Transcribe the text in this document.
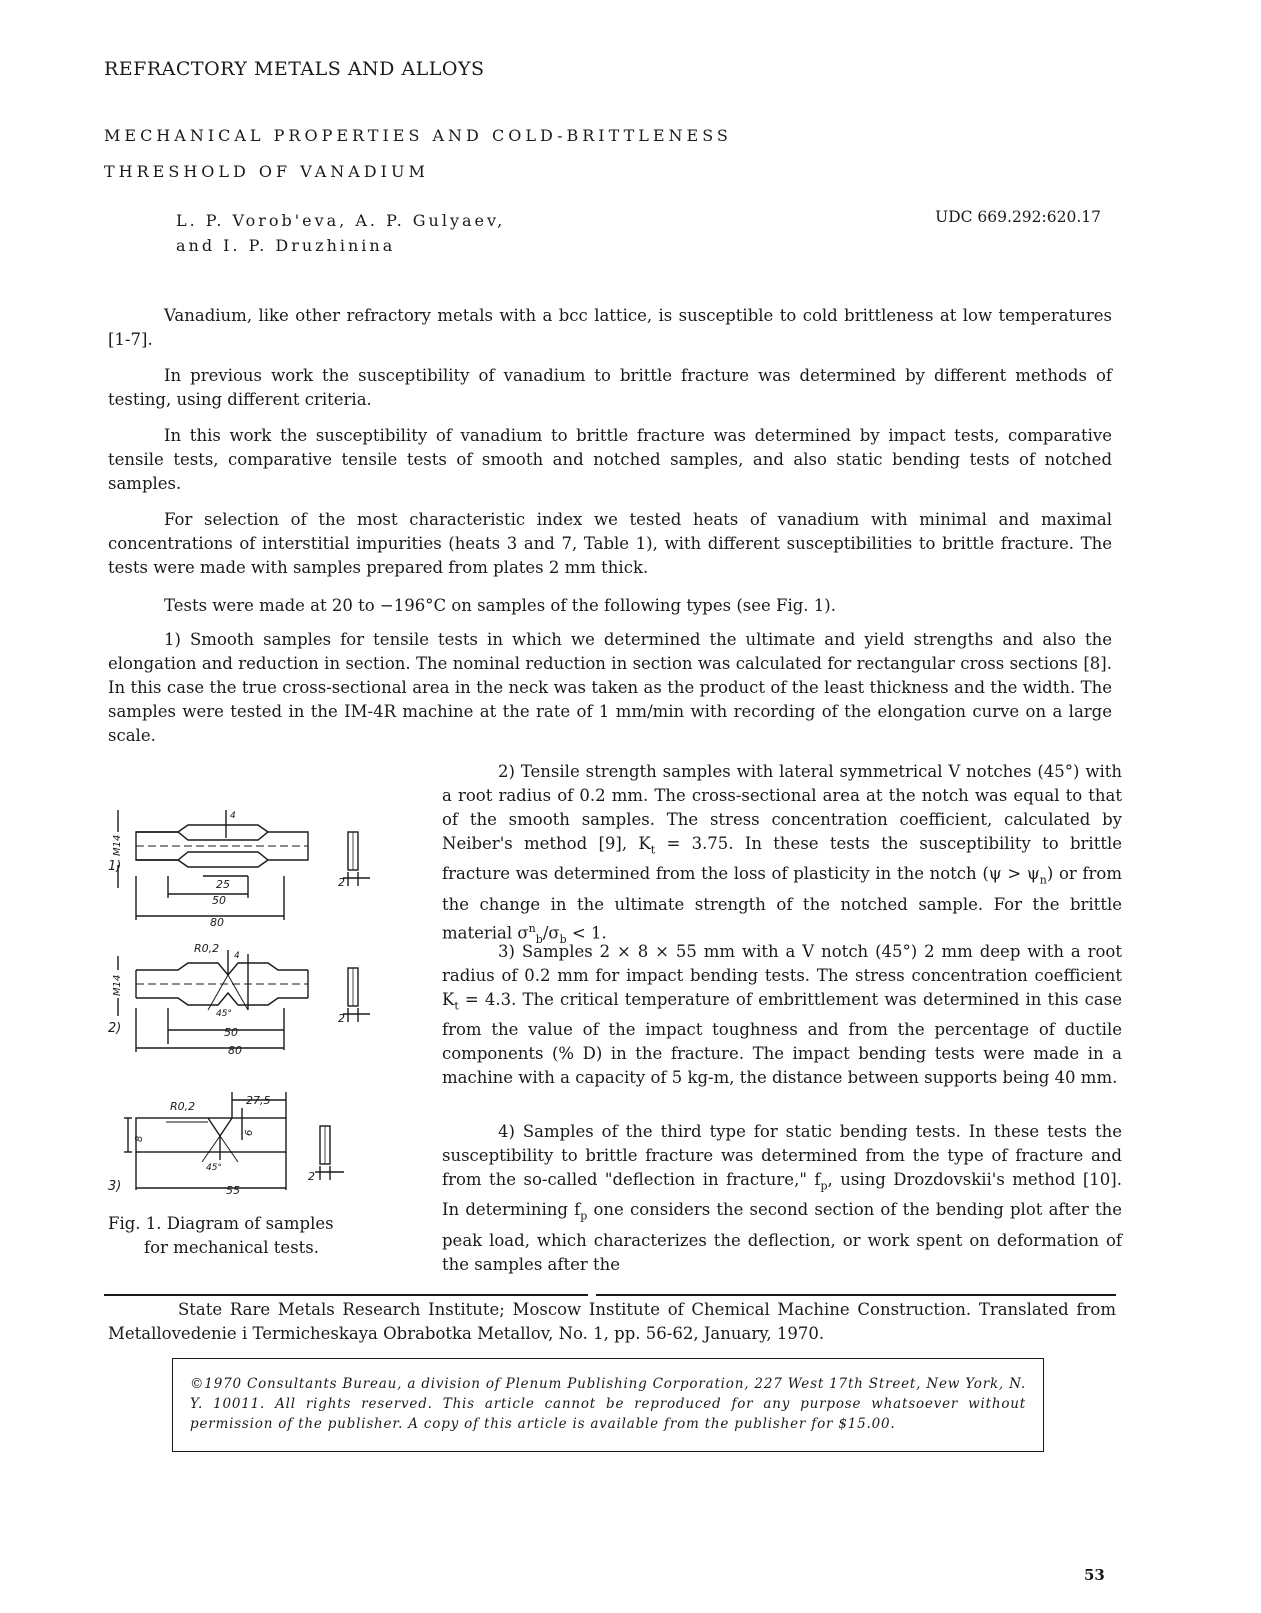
REFRACTORY METALS AND ALLOYS
MECHANICAL PROPERTIES AND COLD-BRITTLENESS
THRESHOLD OF VANADIUM
L. P. Vorob'eva, A. P. Gulyaev,
and I. P. Druzhinina
UDC 669.292:620.17
Vanadium, like other refractory metals with a bcc lattice, is susceptible to cold brittleness at low temperatures [1-7].
In previous work the susceptibility of vanadium to brittle fracture was determined by different methods of testing, using different criteria.
In this work the susceptibility of vanadium to brittle fracture was determined by impact tests, comparative tensile tests, comparative tensile tests of smooth and notched samples, and also static bending tests of notched samples.
For selection of the most characteristic index we tested heats of vanadium with minimal and maximal concentrations of interstitial impurities (heats 3 and 7, Table 1), with different susceptibilities to brittle fracture. The tests were made with samples prepared from plates 2 mm thick.
Tests were made at 20 to −196°C on samples of the following types (see Fig. 1).
1) Smooth samples for tensile tests in which we determined the ultimate and yield strengths and also the elongation and reduction in section. The nominal reduction in section was calculated for rectangular cross sections [8]. In this case the true cross-sectional area in the neck was taken as the product of the least thickness and the width. The samples were tested in the IM-4R machine at the rate of 1 mm/min with recording of the elongation curve on a large scale.
2) Tensile strength samples with lateral symmetrical V notches (45°) with a root radius of 0.2 mm. The cross-sectional area at the notch was equal to that of the smooth samples. The stress concentration coefficient, calculated by Neiber's method [9], $K_t = 3.75$. In these tests the susceptibility to brittle fracture was determined from the loss of plasticity in the notch $(\psi > \psi_n)$ or from the change in the ultimate strength of the notched sample. For the brittle material $\sigma^n_b/\sigma_b < 1$.
3) Samples 2 × 8 × 55 mm with a V notch (45°) 2 mm deep with a root radius of 0.2 mm for impact bending tests. The stress concentration coefficient $K_t = 4.3$. The critical temperature of embrittlement was determined in this case from the value of the impact toughness and from the percentage of ductile components (% D) in the fracture. The impact bending tests were made in a machine with a capacity of 5 kg-m, the distance between supports being 40 mm.
4) Samples of the third type for static bending tests. In these tests the susceptibility to brittle fracture was determined from the type of fracture and from the so-called "deflection in fracture," $f_p$, using Drozdovskii's method [10]. In determining $f_p$ one considers the second section of the bending plot after the peak load, which characterizes the deflection, or work spent on deformation of the samples after the
1)
M14
25
50
80
2
4
2)
M14
R0,2
45°
50
80
2
4
3)
R0,2	27,5
8
6
45°
55
2
Fig. 1. Diagram of samples
for mechanical tests.
State Rare Metals Research Institute; Moscow Institute of Chemical Machine Construction. Translated from Metallovedenie i Termicheskaya Obrabotka Metallov, No. 1, pp. 56-62, January, 1970.
©1970 Consultants Bureau, a division of Plenum Publishing Corporation, 227 West 17th Street, New York, N. Y. 10011. All rights reserved. This article cannot be reproduced for any purpose whatsoever without permission of the publisher. A copy of this article is available from the publisher for $15.00.
53
